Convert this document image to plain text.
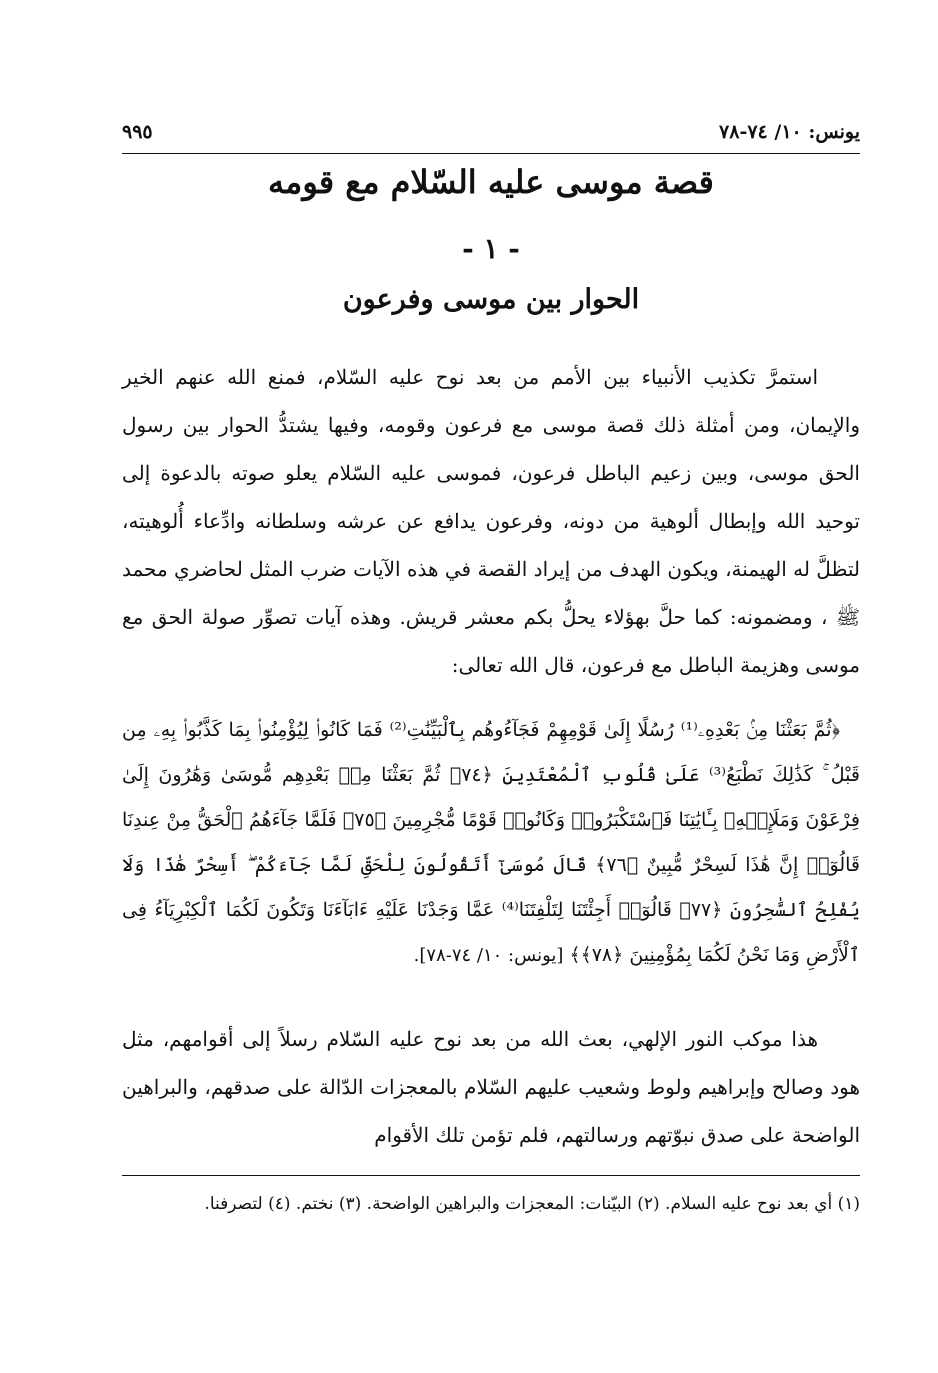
يونس: ١٠/ ٧٤-٧٨
٩٩٥
قصة موسى عليه السّلام مع قومه
- ١ -
الحوار بين موسى وفرعون

استمرَّ تكذيب الأنبياء بين الأمم من بعد نوح عليه السّلام، فمنع الله عنهم الخير والإيمان، ومن أمثلة ذلك قصة موسى مع فرعون وقومه، وفيها يشتدُّ الحوار بين رسول الحق موسى، وبين زعيم الباطل فرعون، فموسى عليه السّلام يعلو صوته بالدعوة إلى توحيد الله وإبطال ألوهية من دونه، وفرعون يدافع عن عرشه وسلطانه وادِّعاء أُلوهيته، لتظلَّ له الهيمنة، ويكون الهدف من إيراد القصة في هذه الآيات ضرب المثل لحاضري محمد ﷺ ، ومضمونه: كما حلَّ بهؤلاء يحلُّ بكم معشر قريش. وهذه آيات تصوِّر صولة الحق مع موسى وهزيمة الباطل مع فرعون، قال الله تعالى:

﴿ثُمَّ بَعَثْنَا مِنۢ بَعْدِهِۦ⁽¹⁾ رُسُلًا إِلَىٰ قَوْمِهِمْ فَجَآءُوهُم بِٱلْبَيِّنَٰتِ⁽²⁾ فَمَا كَانُوا۟ لِيُؤْمِنُوا۟ بِمَا كَذَّبُوا۟ بِهِۦ مِن قَبْلُ ۚ كَذَٰلِكَ نَطْبَعُ⁽³⁾ عَلَىٰ قُلُوبِ ٱلْمُعْتَدِينَ ﴿٧٤﴾ ثُمَّ بَعَثْنَا مِنۢ بَعْدِهِم مُّوسَىٰ وَهَٰرُونَ إِلَىٰ فِرْعَوْنَ وَمَلَإِي۟هِۦ بِـَٔايَٰتِنَا فَٱسْتَكْبَرُوا۟ وَكَانُوا۟ قَوْمًا مُّجْرِمِينَ ﴿٧٥﴾ فَلَمَّا جَآءَهُمُ ٱلْحَقُّ مِنْ عِندِنَا قَالُوٓا۟ إِنَّ هَٰذَا لَسِحْرٌ مُّبِينٌ ﴿٧٦﴾ قَالَ مُوسَىٰٓ أَتَقُولُونَ لِلْحَقِّ لَمَّا جَآءَكُمْ ۖ أَسِحْرٌ هَٰذَا وَلَا يُفْلِحُ ٱلسَّٰحِرُونَ ﴿٧٧﴾ قَالُوٓا۟ أَجِئْتَنَا لِتَلْفِتَنَا⁽⁴⁾ عَمَّا وَجَدْنَا عَلَيْهِ ءَابَآءَنَا وَتَكُونَ لَكُمَا ٱلْكِبْرِيَآءُ فِى ٱلْأَرْضِ وَمَا نَحْنُ لَكُمَا بِمُؤْمِنِينَ ﴿٧٨﴾﴾ [يونس: ١٠/ ٧٤-٧٨].

هذا موكب النور الإلهي، بعث الله من بعد نوح عليه السّلام رسلاً إلى أقوامهم، مثل هود وصالح وإبراهيم ولوط وشعيب عليهم السّلام بالمعجزات الدّالة على صدقهم، والبراهين الواضحة على صدق نبوّتهم ورسالتهم، فلم تؤمن تلك الأقوام

(١) أي بعد نوح عليه السلام. (٢) البيّنات: المعجزات والبراهين الواضحة. (٣) نختم. (٤) لتصرفنا.
